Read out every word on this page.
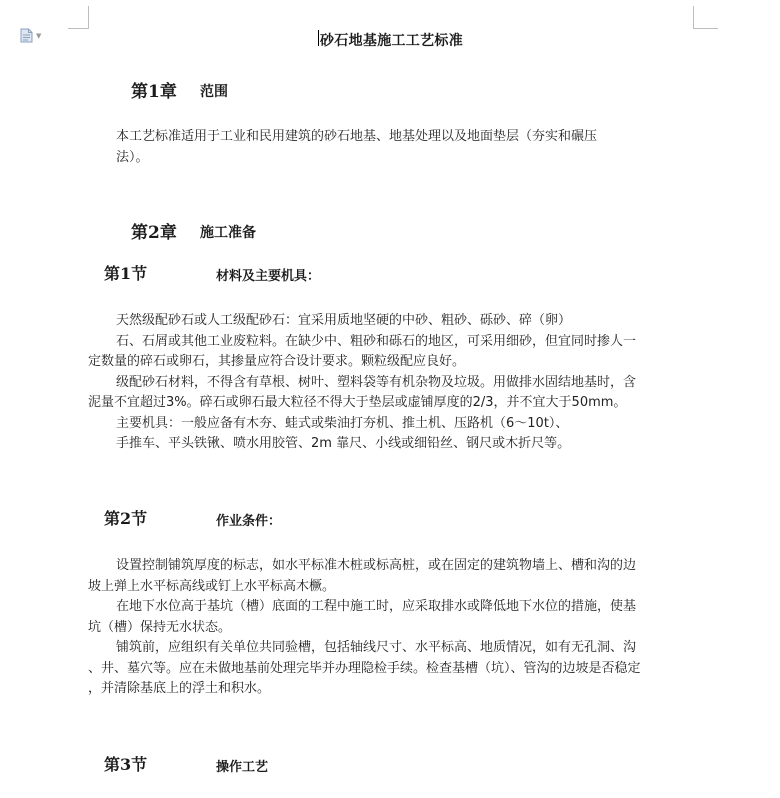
▼	砂石地基施工工艺标准
第1章 范围
本工艺标准适用于工业和民用建筑的砂石地基、地基处理以及地面垫层（夯实和碾压
法）。
第2章 施工准备
第1节	材料及主要机具：
天然级配砂石或人工级配砂石：宜采用质地坚硬的中砂、粗砂、砾砂、碎（卵）
石、石屑或其他工业废粒料。在缺少中、粗砂和砾石的地区，可采用细砂，但宜同时掺人一
定数量的碎石或卵石，其掺量应符合设计要求。颗粒级配应良好。
级配砂石材料，不得含有草根、树叶、塑料袋等有机杂物及垃圾。用做排水固结地基时，含
泥量不宜超过3%。碎石或卵石最大粒径不得大于垫层或虚铺厚度的2/3，并不宜大于50mm。
主要机具：一般应备有木夯、蛙式或柴油打夯机、推土机、压路机（6～10t）、
手推车、平头铁锹、喷水用胶管、2m 靠尺、小线或细铅丝、钢尺或木折尺等。
第2节	作业条件：
设置控制铺筑厚度的标志，如水平标准木桩或标高桩，或在固定的建筑物墙上、槽和沟的边
坡上弹上水平标高线或钉上水平标高木橛。
在地下水位高于基坑（槽）底面的工程中施工时，应采取排水或降低地下水位的措施，使基
坑（槽）保持无水状态。
铺筑前，应组织有关单位共同验槽，包括轴线尺寸、水平标高、地质情况，如有无孔洞、沟
、井、墓穴等。应在未做地基前处理完毕并办理隐检手续。检查基槽（坑）、管沟的边坡是否稳定
，并清除基底上的浮土和积水。
第3节	操作工艺
